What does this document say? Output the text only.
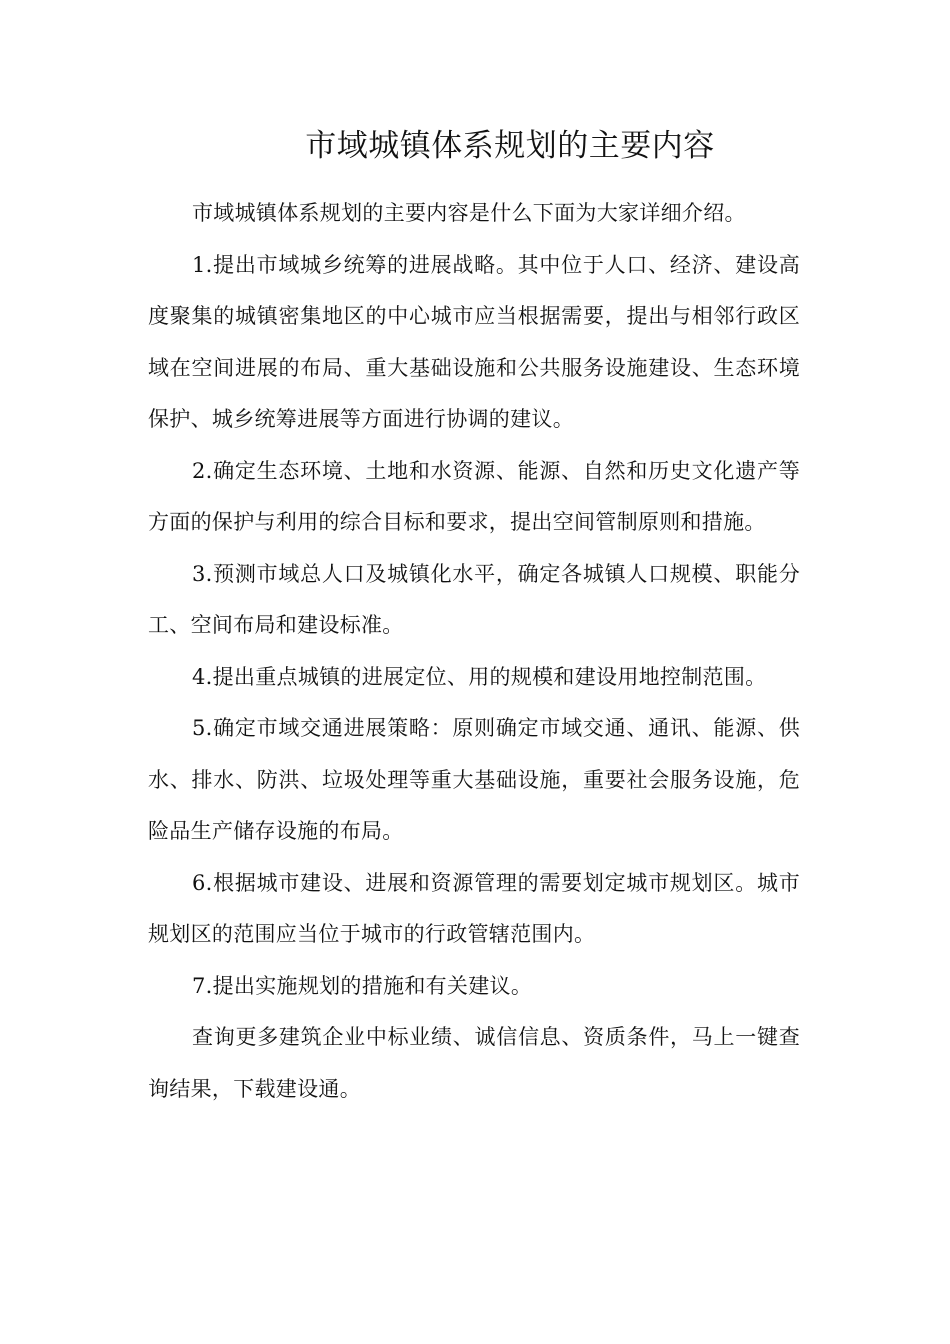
市域城镇体系规划的主要内容

市域城镇体系规划的主要内容是什么下面为大家详细介绍。

1.提出市域城乡统筹的进展战略。其中位于人口、经济、建设高度聚集的城镇密集地区的中心城市应当根据需要，提出与相邻行政区域在空间进展的布局、重大基础设施和公共服务设施建设、生态环境保护、城乡统筹进展等方面进行协调的建议。

2.确定生态环境、土地和水资源、能源、自然和历史文化遗产等方面的保护与利用的综合目标和要求，提出空间管制原则和措施。

3.预测市域总人口及城镇化水平，确定各城镇人口规模、职能分工、空间布局和建设标准。

4.提出重点城镇的进展定位、用的规模和建设用地控制范围。

5.确定市域交通进展策略：原则确定市域交通、通讯、能源、供水、排水、防洪、垃圾处理等重大基础设施，重要社会服务设施，危险品生产储存设施的布局。

6.根据城市建设、进展和资源管理的需要划定城市规划区。城市规划区的范围应当位于城市的行政管辖范围内。

7.提出实施规划的措施和有关建议。

查询更多建筑企业中标业绩、诚信信息、资质条件，马上一键查询结果，下载建设通。
